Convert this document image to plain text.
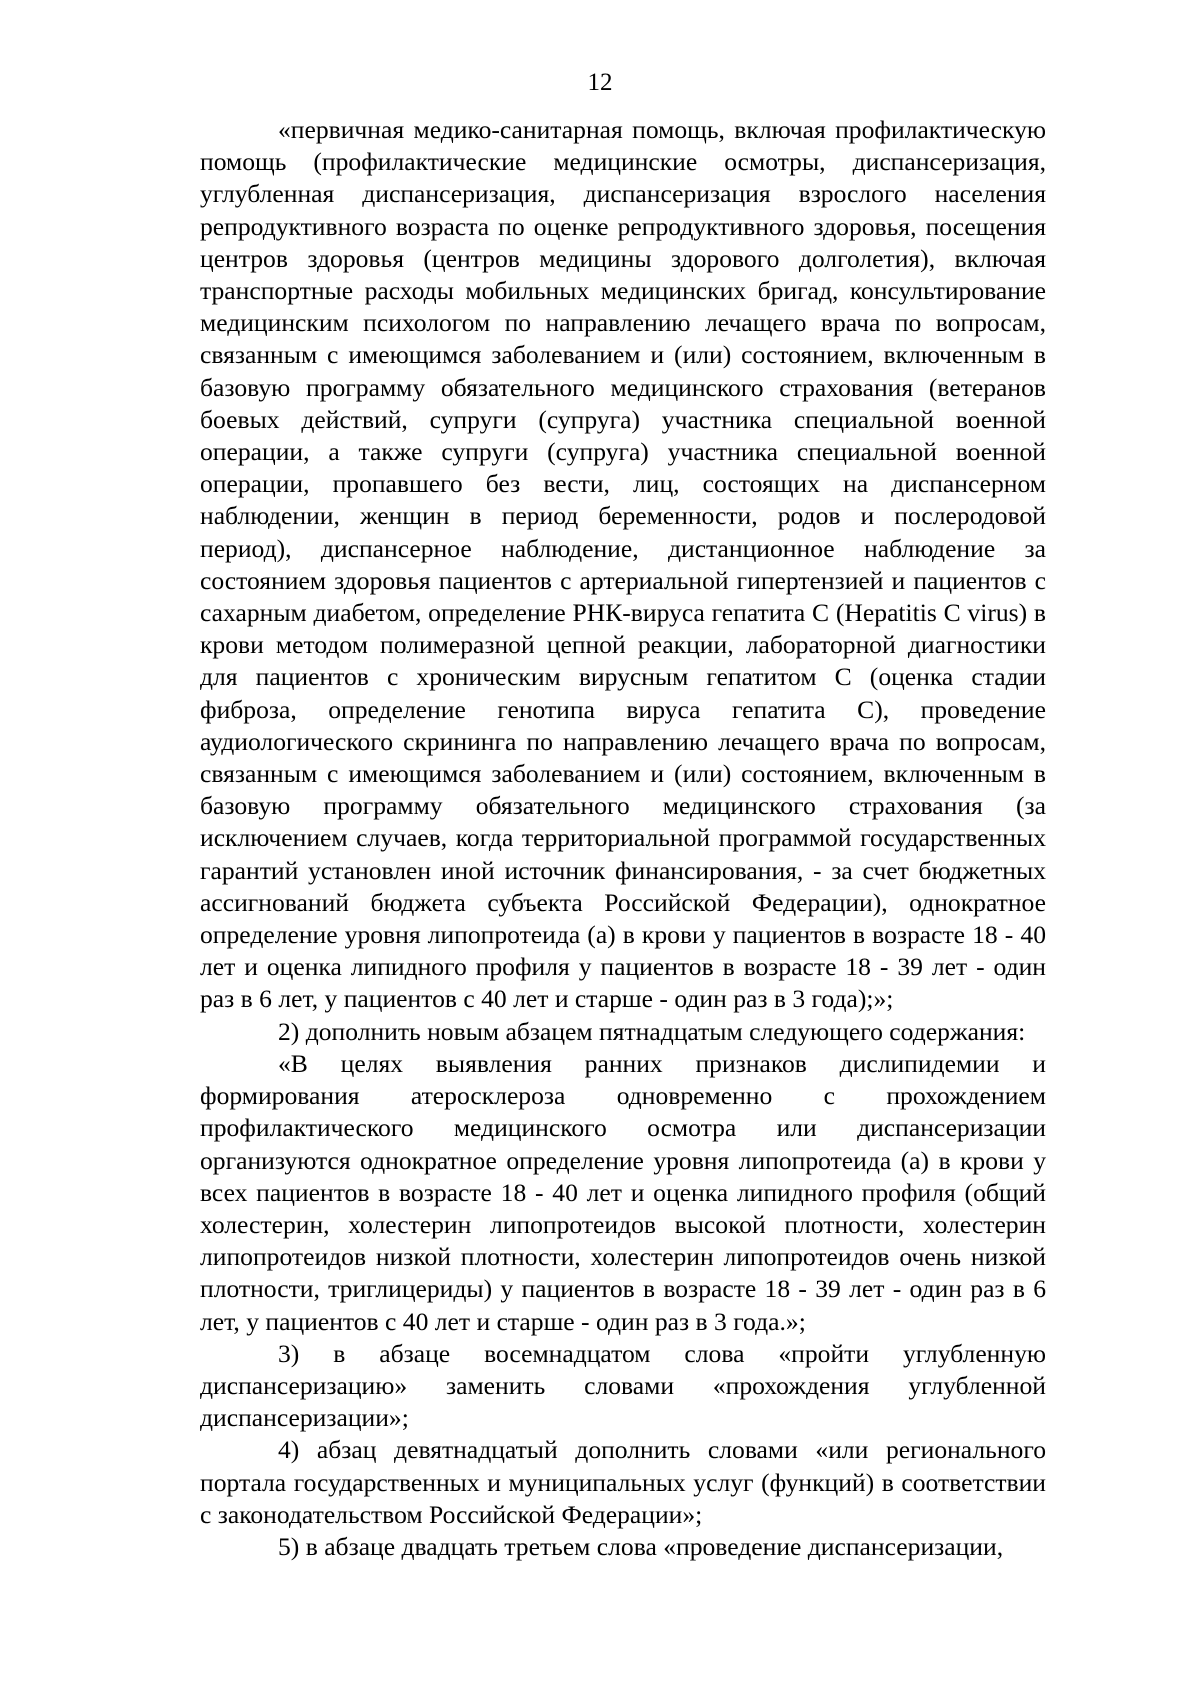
12

«первичная медико-санитарная помощь, включая профилактическую помощь (профилактические медицинские осмотры, диспансеризация, углубленная диспансеризация, диспансеризация взрослого населения репродуктивного возраста по оценке репродуктивного здоровья, посещения центров здоровья (центров медицины здорового долголетия), включая транспортные расходы мобильных медицинских бригад, консультирование медицинским психологом по направлению лечащего врача по вопросам, связанным с имеющимся заболеванием и (или) состоянием, включенным в базовую программу обязательного медицинского страхования (ветеранов боевых действий, супруги (супруга) участника специальной военной операции, а также супруги (супруга) участника специальной военной операции, пропавшего без вести, лиц, состоящих на диспансерном наблюдении, женщин в период беременности, родов и послеродовой период), диспансерное наблюдение, дистанционное наблюдение за состоянием здоровья пациентов с артериальной гипертензией и пациентов с сахарным диабетом, определение РНК-вируса гепатита C (Hepatitis C virus) в крови методом полимеразной цепной реакции, лабораторной диагностики для пациентов с хроническим вирусным гепатитом C (оценка стадии фиброза, определение генотипа вируса гепатита C), проведение аудиологического скрининга по направлению лечащего врача по вопросам, связанным с имеющимся заболеванием и (или) состоянием, включенным в базовую программу обязательного медицинского страхования (за исключением случаев, когда территориальной программой государственных гарантий установлен иной источник финансирования, - за счет бюджетных ассигнований бюджета субъекта Российской Федерации), однократное определение уровня липопротеида (а) в крови у пациентов в возрасте 18 - 40 лет и оценка липидного профиля у пациентов в возрасте 18 - 39 лет - один раз в 6 лет, у пациентов с 40 лет и старше - один раз в 3 года);»;

2) дополнить новым абзацем пятнадцатым следующего содержания:

«В целях выявления ранних признаков дислипидемии и формирования атеросклероза одновременно с прохождением профилактического медицинского осмотра или диспансеризации организуются однократное определение уровня липопротеида (а) в крови у всех пациентов в возрасте 18 - 40 лет и оценка липидного профиля (общий холестерин, холестерин липопротеидов высокой плотности, холестерин липопротеидов низкой плотности, холестерин липопротеидов очень низкой плотности, триглицериды) у пациентов в возрасте 18 - 39 лет - один раз в 6 лет, у пациентов с 40 лет и старше - один раз в 3 года.»;

3) в абзаце восемнадцатом слова «пройти углубленную диспансеризацию» заменить словами «прохождения углубленной диспансеризации»;

4) абзац девятнадцатый дополнить словами «или регионального портала государственных и муниципальных услуг (функций) в соответствии с законодательством Российской Федерации»;

5) в абзаце двадцать третьем слова «проведение диспансеризации,
